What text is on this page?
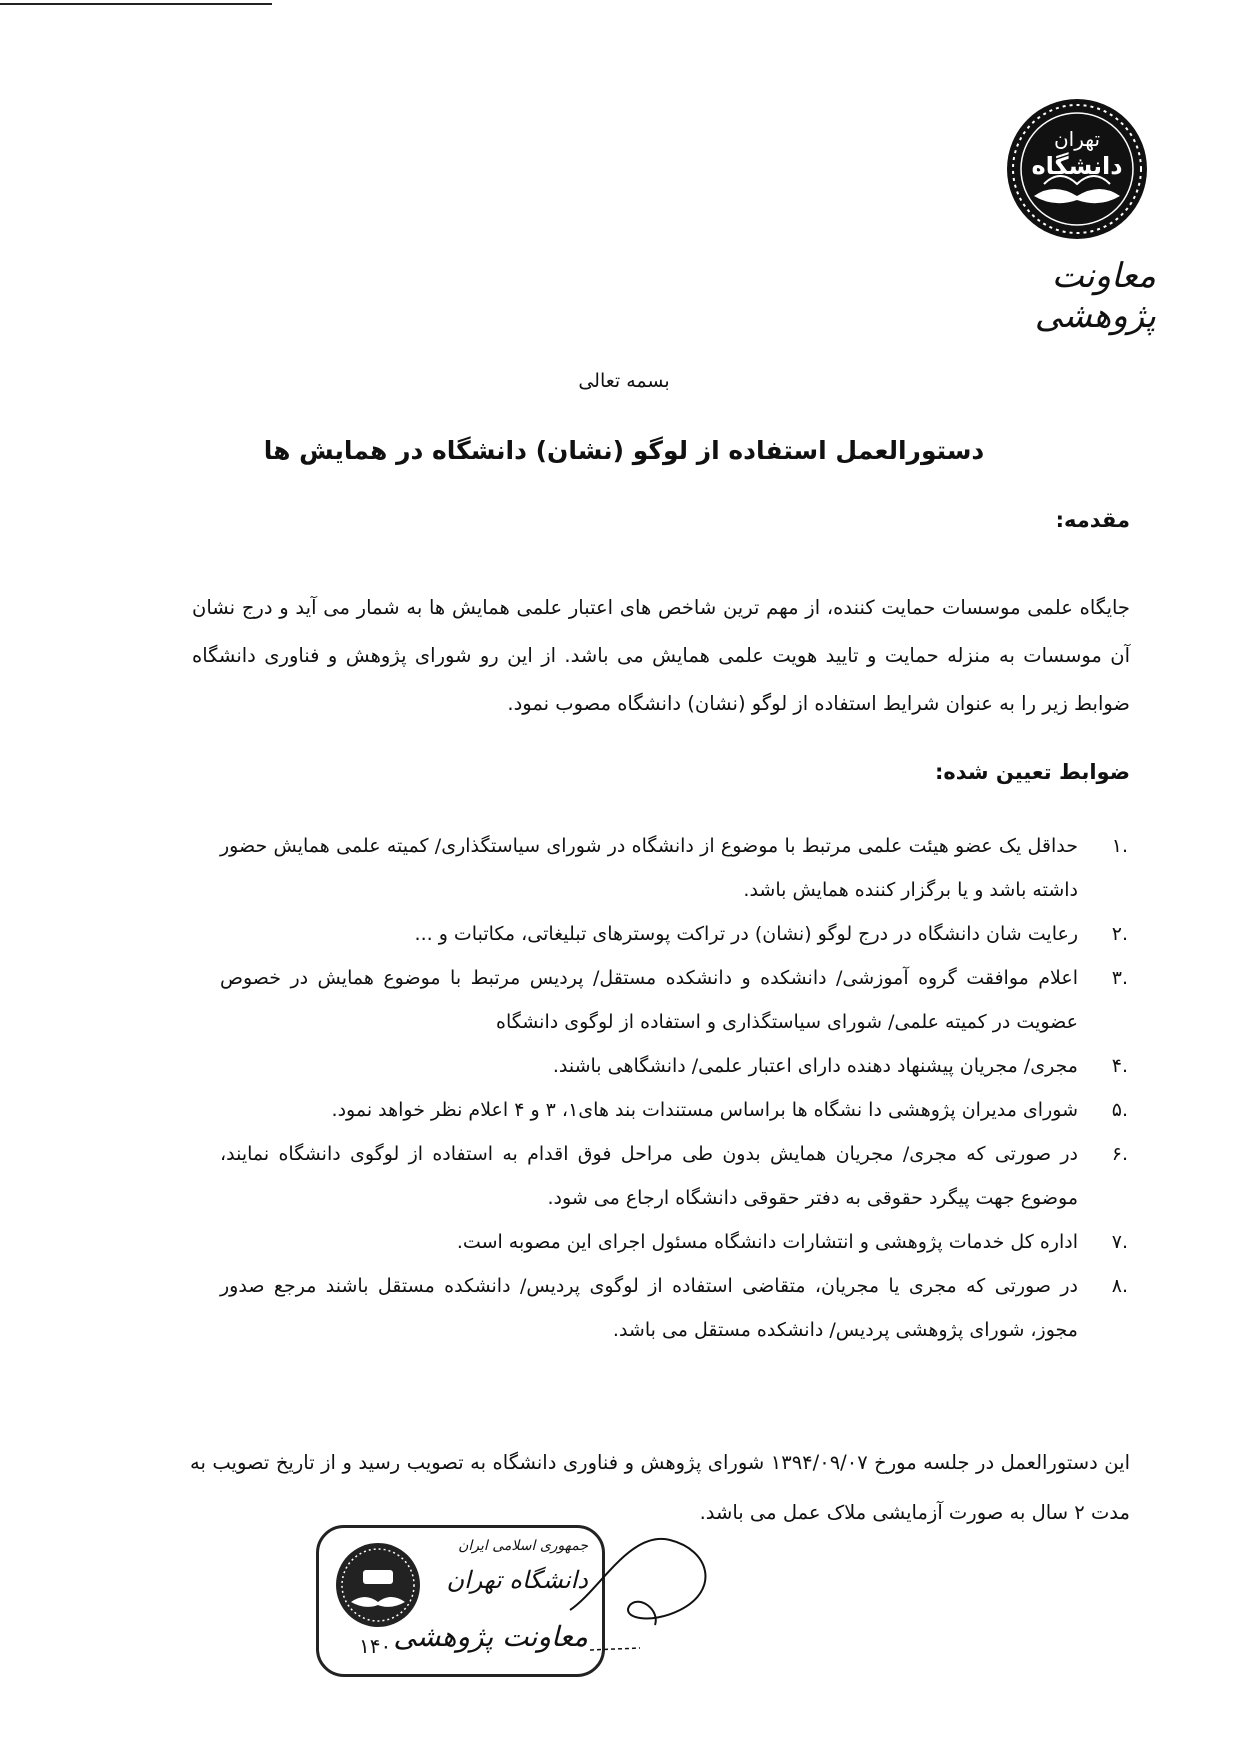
تهران
دانشگاه
معاونت پژوهشی
بسمه تعالی
دستورالعمل استفاده از لوگو (نشان) دانشگاه در همایش ها
مقدمه:
جایگاه علمی موسسات حمایت کننده، از مهم ترین شاخص های اعتبار علمی همایش ها به شمار می آید و درج نشان آن موسسات به منزله حمایت و تایید هویت علمی همایش می باشد. از این رو شورای پژوهش و فناوری دانشگاه ضوابط زیر را به عنوان شرایط استفاده از لوگو (نشان) دانشگاه مصوب نمود.
ضوابط تعیین شده:
.۱
حداقل یک عضو هیئت علمی مرتبط با موضوع از دانشگاه در شورای سیاستگذاری/ کمیته علمی همایش حضور داشته باشد و یا برگزار کننده همایش باشد.
.۲
رعایت شان دانشگاه در درج لوگو (نشان) در تراکت پوسترهای تبلیغاتی، مکاتبات و ...
.۳
اعلام موافقت گروه آموزشی/ دانشکده و دانشکده مستقل/ پردیس مرتبط با موضوع همایش در خصوص عضویت در کمیته علمی/ شورای سیاستگذاری و استفاده از لوگوی دانشگاه
.۴
مجری/ مجریان پیشنهاد دهنده دارای اعتبار علمی/ دانشگاهی باشند.
.۵
شورای مدیران پژوهشی دا نشگاه ها براساس مستندات بند های۱، ۳ و ۴ اعلام نظر خواهد نمود.
.۶
در صورتی که مجری/ مجریان همایش بدون طی مراحل فوق اقدام به استفاده از لوگوی دانشگاه نمایند، موضوع جهت پیگرد حقوقی به دفتر حقوقی دانشگاه ارجاع می شود.
.۷
اداره کل خدمات پژوهشی و انتشارات دانشگاه مسئول اجرای این مصوبه است.
.۸
در صورتی که مجری یا مجریان، متقاضی استفاده از لوگوی پردیس/ دانشکده مستقل باشند مرجع صدور مجوز، شورای پژوهشی پردیس/ دانشکده مستقل می باشد.
این دستورالعمل در جلسه مورخ ۱۳۹۴/۰۹/۰۷ شورای پژوهش و فناوری دانشگاه به تصویب رسید و از تاریخ تصویب به مدت ۲ سال به صورت آزمایشی ملاک عمل می باشد.
جمهوری اسلامی ایران
دانشگاه تهران
معاونت پژوهشی
۱۴۰
